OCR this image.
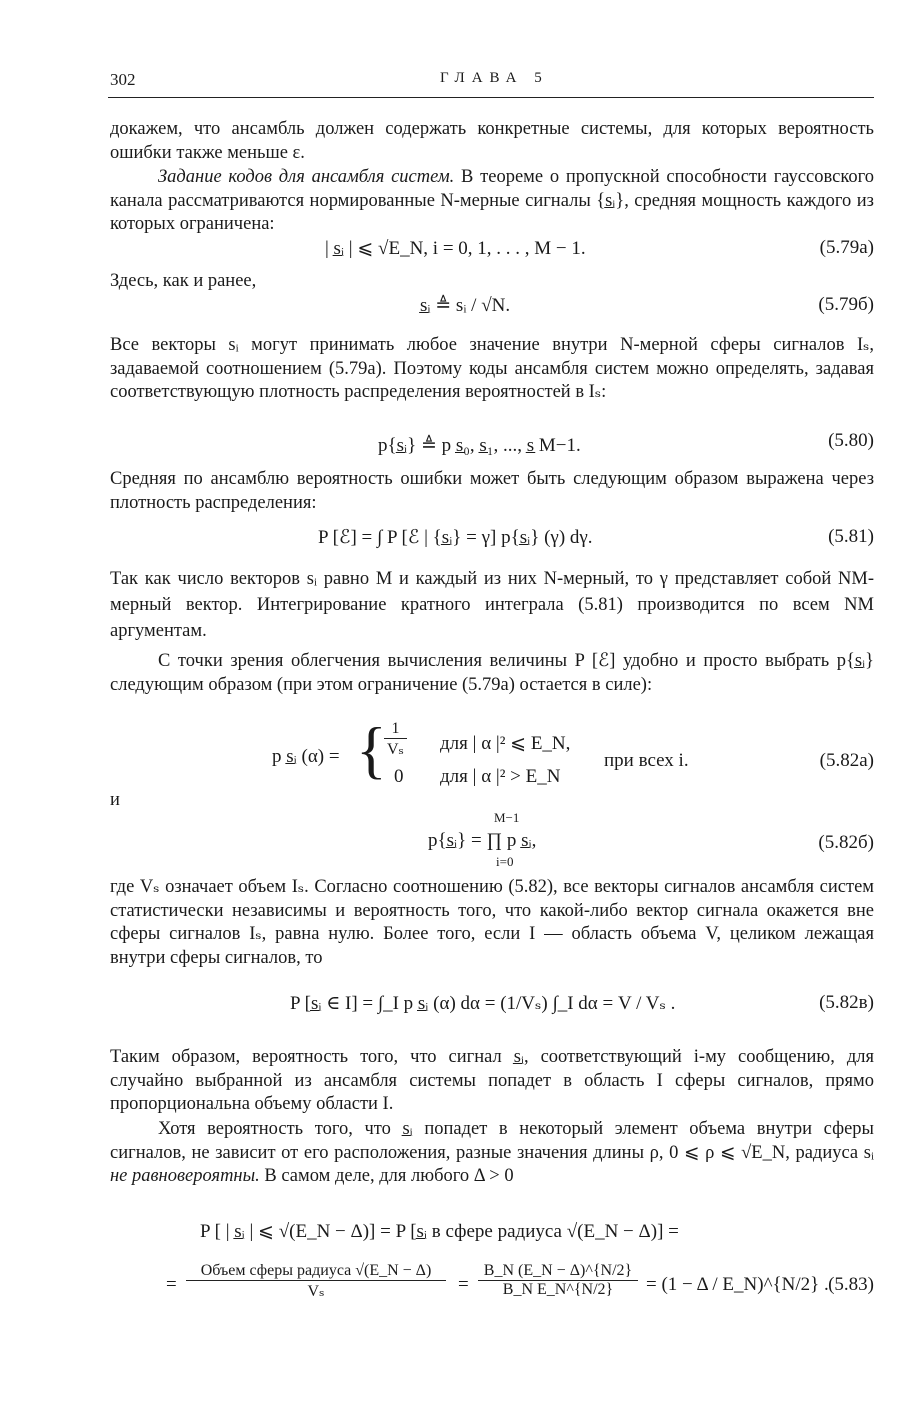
302	ГЛАВА 5
докажем, что ансамбль должен содержать конкретные системы, для которых вероятность ошибки также меньше ε.
Задание кодов для ансамбля систем. В теореме о пропускной способности гауссовского канала рассматриваются нормированные N-мерные сигналы {s̲ᵢ}, средняя мощность каждого из которых ограничена:
| s̲ᵢ | ⩽ √E_N, i = 0, 1, . . . , M − 1.	(5.79а)
Здесь, как и ранее,
s̲ᵢ ≜ sᵢ / √N.	(5.79б)
Все векторы sᵢ могут принимать любое значение внутри N-мерной сферы сигналов Iₛ, задаваемой соотношением (5.79а). Поэтому коды ансамбля систем можно определять, задавая соответствующую плотность распределения вероятностей в Iₛ:
p{s̲ᵢ} ≜ p s̲₀, s̲₁, ..., s̲ M−1.	(5.80)
Средняя по ансамблю вероятность ошибки может быть следующим образом выражена через плотность распределения:
P [ℰ] = ∫ P [ℰ | {s̲ᵢ} = γ] p{s̲ᵢ} (γ) dγ.	(5.81)
Так как число векторов sᵢ равно M и каждый из них N-мерный, то γ представляет собой NM-мерный вектор. Интегрирование кратного интеграла (5.81) производится по всем NM аргументам.
С точки зрения облегчения вычисления величины P [ℰ] удобно и просто выбрать p{s̲ᵢ} следующим образом (при этом ограничение (5.79а) остается в силе):
p s̲ᵢ (α) = {
$\frac{1}{\text{Vₛ}}$ для | α |² ⩽ E_N,
0 для | α |² > E_N
при всех i.	(5.82а)
и
M−1
p{s̲ᵢ} = ∏ p s̲ᵢ,
i=0
(5.82б)
где Vₛ означает объем Iₛ. Согласно соотношению (5.82), все векторы сигналов ансамбля систем статистически независимы и вероятность того, что какой-либо вектор сигнала окажется вне сферы сигналов Iₛ, равна нулю. Более того, если I — область объема V, целиком лежащая внутри сферы сигналов, то
P [s̲ᵢ ∈ I] = ∫_I p s̲ᵢ (α) dα = (1/Vₛ) ∫_I dα = V / Vₛ .	(5.82в)
Таким образом, вероятность того, что сигнал s̲ᵢ, соответствующий i-му сообщению, для случайно выбранной из ансамбля системы попадет в область I сферы сигналов, прямо пропорциональна объему области I.
Хотя вероятность того, что s̲ᵢ попадет в некоторый элемент объема внутри сферы сигналов, не зависит от его расположения, разные значения длины ρ, 0 ⩽ ρ ⩽ √E_N, радиуса sᵢ не равновероятны. В самом деле, для любого Δ > 0
P [ | s̲ᵢ | ⩽ √(E_N − Δ)] = P [s̲ᵢ в сфере радиуса √(E_N − Δ)] =
=
Объем сферы радиуса √(E_N − Δ)
Vₛ	= $\frac{B\_N (E\_N - \Delta)\^{}\{N/2\}}{\text{B\_N E\_N\textasciicircum{}\{N/2\}}} = (1 - \Delta$ / E_N)^{N/2} . (5.83)
